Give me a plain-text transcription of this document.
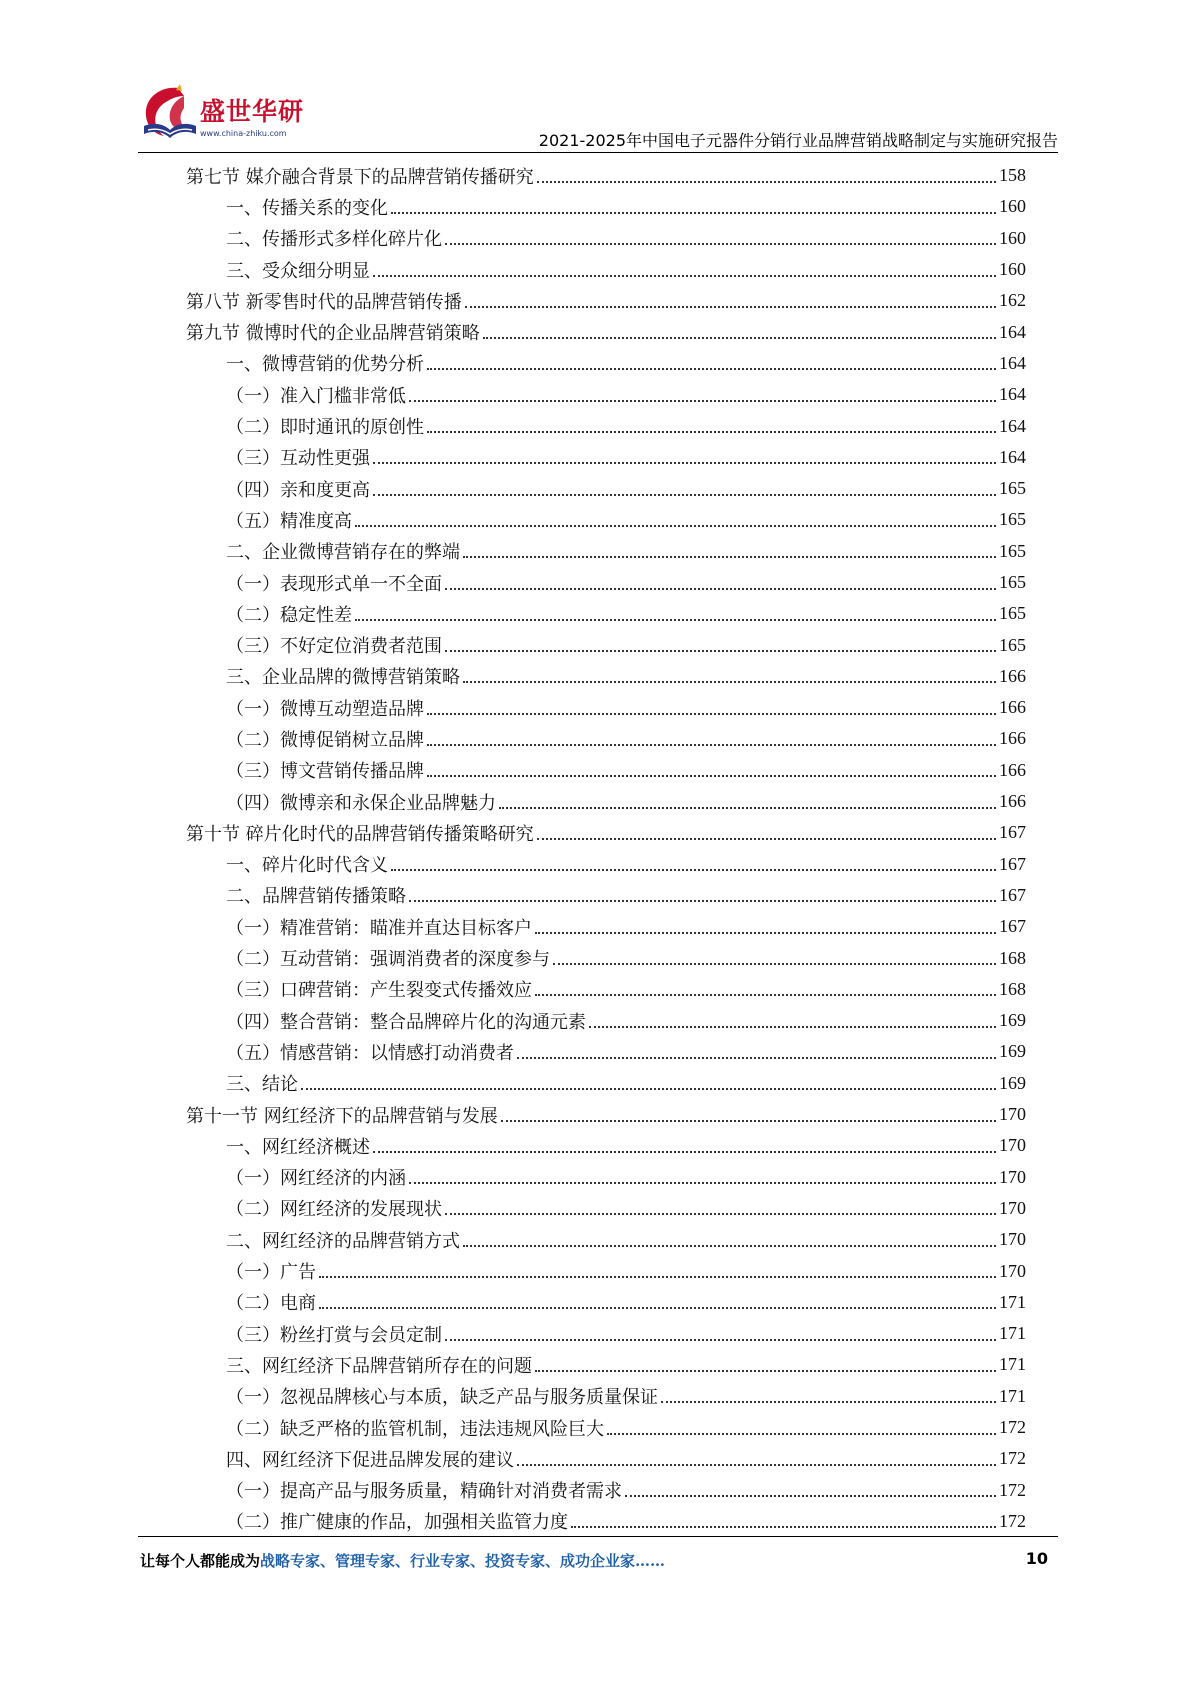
盛世华研
www.china-zhiku.com	2021-2025年中国电子元器件分销行业品牌营销战略制定与实施研究报告
第七节 媒介融合背景下的品牌营销传播研究	158
一、传播关系的变化	160
二、传播形式多样化碎片化	160
三、受众细分明显	160
第八节 新零售时代的品牌营销传播	162
第九节 微博时代的企业品牌营销策略	164
一、微博营销的优势分析	164
（一）准入门槛非常低	164
（二）即时通讯的原创性	164
（三）互动性更强	164
（四）亲和度更高	165
（五）精准度高	165
二、企业微博营销存在的弊端	165
（一）表现形式单一不全面	165
（二）稳定性差	165
（三）不好定位消费者范围	165
三、企业品牌的微博营销策略	166
（一）微博互动塑造品牌	166
（二）微博促销树立品牌	166
（三）博文营销传播品牌	166
（四）微博亲和永保企业品牌魅力	166
第十节 碎片化时代的品牌营销传播策略研究	167
一、碎片化时代含义	167
二、品牌营销传播策略	167
（一）精准营销：瞄准并直达目标客户	167
（二）互动营销：强调消费者的深度参与	168
（三）口碑营销：产生裂变式传播效应	168
（四）整合营销：整合品牌碎片化的沟通元素	169
（五）情感营销：以情感打动消费者	169
三、结论	169
第十一节 网红经济下的品牌营销与发展	170
一、网红经济概述	170
（一）网红经济的内涵	170
（二）网红经济的发展现状	170
二、网红经济的品牌营销方式	170
（一）广告	170
（二）电商	171
（三）粉丝打赏与会员定制	171
三、网红经济下品牌营销所存在的问题	171
（一）忽视品牌核心与本质，缺乏产品与服务质量保证	171
（二）缺乏严格的监管机制，违法违规风险巨大	172
四、网红经济下促进品牌发展的建议	172
（一）提高产品与服务质量，精确针对消费者需求	172
（二）推广健康的作品，加强相关监管力度	172
让每个人都能成为战略专家、管理专家、行业专家、投资专家、成功企业家……	10
